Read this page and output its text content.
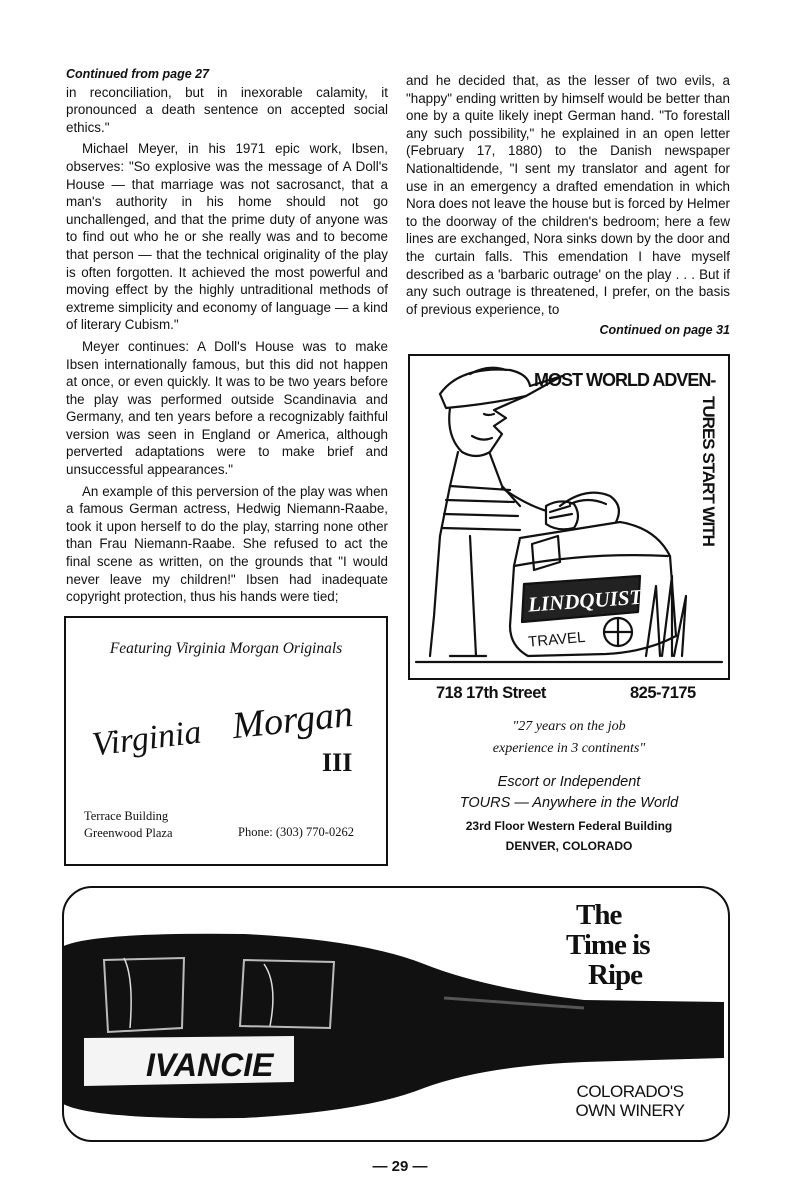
Continued from page 27

in reconciliation, but in inexorable calamity, it pronounced a death sentence on accepted social ethics."

Michael Meyer, in his 1971 epic work, Ibsen, observes: "So explosive was the message of A Doll's House — that marriage was not sacrosanct, that a man's authority in his home should not go unchallenged, and that the prime duty of anyone was to find out who he or she really was and to become that person — that the technical originality of the play is often forgotten. It achieved the most powerful and moving effect by the highly untraditional methods of extreme simplicity and economy of language — a kind of literary Cubism."

Meyer continues: A Doll's House was to make Ibsen internationally famous, but this did not happen at once, or even quickly. It was to be two years before the play was performed outside Scandinavia and Germany, and ten years before a recognizably faithful version was seen in England or America, although perverted adaptations were to make brief and unsuccessful appearances."

An example of this perversion of the play was when a famous German actress, Hedwig Niemann-Raabe, took it upon herself to do the play, starring none other than Frau Niemann-Raabe. She refused to act the final scene as written, on the grounds that "I would never leave my children!" Ibsen had inadequate copyright protection, thus his hands were tied;

and he decided that, as the lesser of two evils, a "happy" ending written by himself would be better than one by a quite likely inept German hand. "To forestall any such possibility," he explained in an open letter (February 17, 1880) to the Danish newspaper Nationaltidende, "I sent my translator and agent for use in an emergency a drafted emendation in which Nora does not leave the house but is forced by Helmer to the doorway of the children's bedroom; here a few lines are exchanged, Nora sinks down by the door and the curtain falls. This emendation I have myself described as a 'barbaric outrage' on the play . . . But if any such outrage is threatened, I prefer, on the basis of previous experience, to

Continued on page 31
Featuring Virginia Morgan Originals
Virginia Morgan
III
Terrace Building
Greenwood Plaza	Phone: (303) 770-0262
LINDQUIST
TRAVEL
MOST WORLD ADVEN-
TURES START WITH
718 17th Street	825-7175
"27 years on the job
experience in 3 continents"
Escort or Independent
TOURS — Anywhere in the World
23rd Floor Western Federal Building
DENVER, COLORADO
IVANCIE
The
Time is
Ripe
COLORADO'S
OWN WINERY
— 29 —
